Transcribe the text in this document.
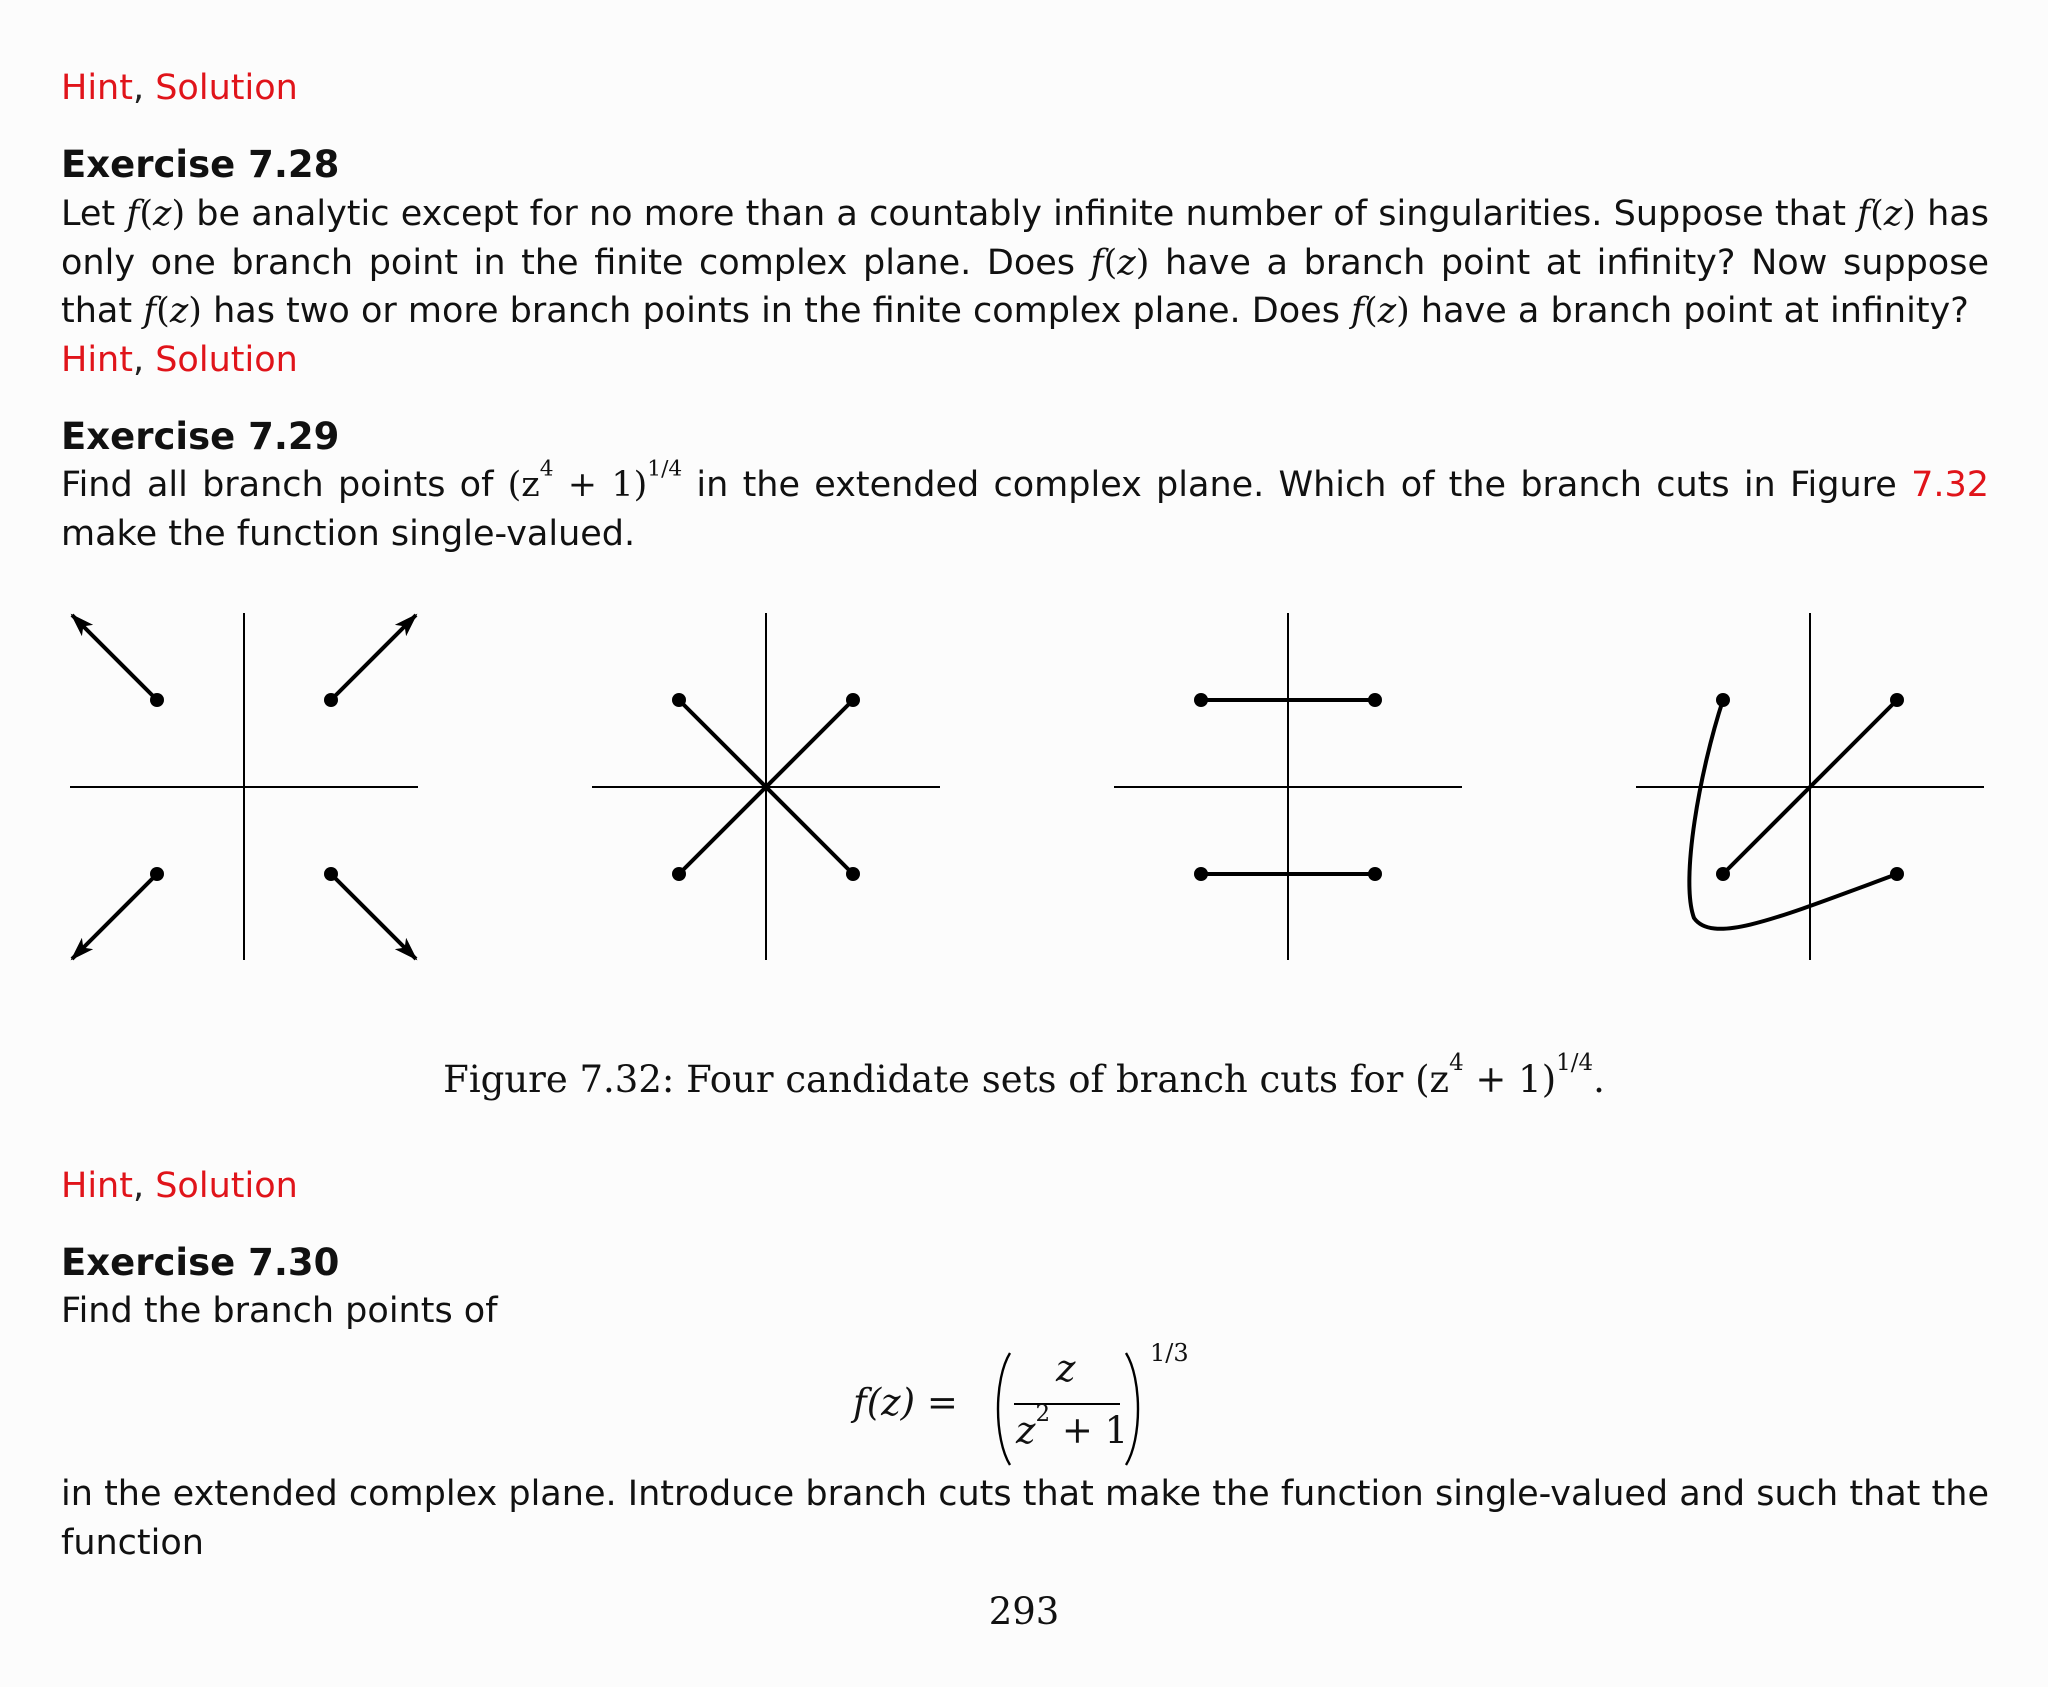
Hint, Solution
Exercise 7.28
Let f(z) be analytic except for no more than a countably infinite number of singularities. Suppose that f(z) has only one branch point in the finite complex plane. Does f(z) have a branch point at infinity? Now suppose that f(z) has two or more branch points in the finite complex plane. Does f(z) have a branch point at infinity?
Hint, Solution
Exercise 7.29
Find all branch points of $(z^4 + 1)^{1/4}$ in the extended complex plane. Which of the branch cuts in Figure 7.32 make the function single-valued.
Figure 7.32: Four candidate sets of branch cuts for $(z^4 + 1)^{1/4}$.
Hint, Solution
Exercise 7.30
Find the branch points of
f(z) =
z
$z^2 + 1$
1/3
in the extended complex plane. Introduce branch cuts that make the function single-valued and such that the function
293
